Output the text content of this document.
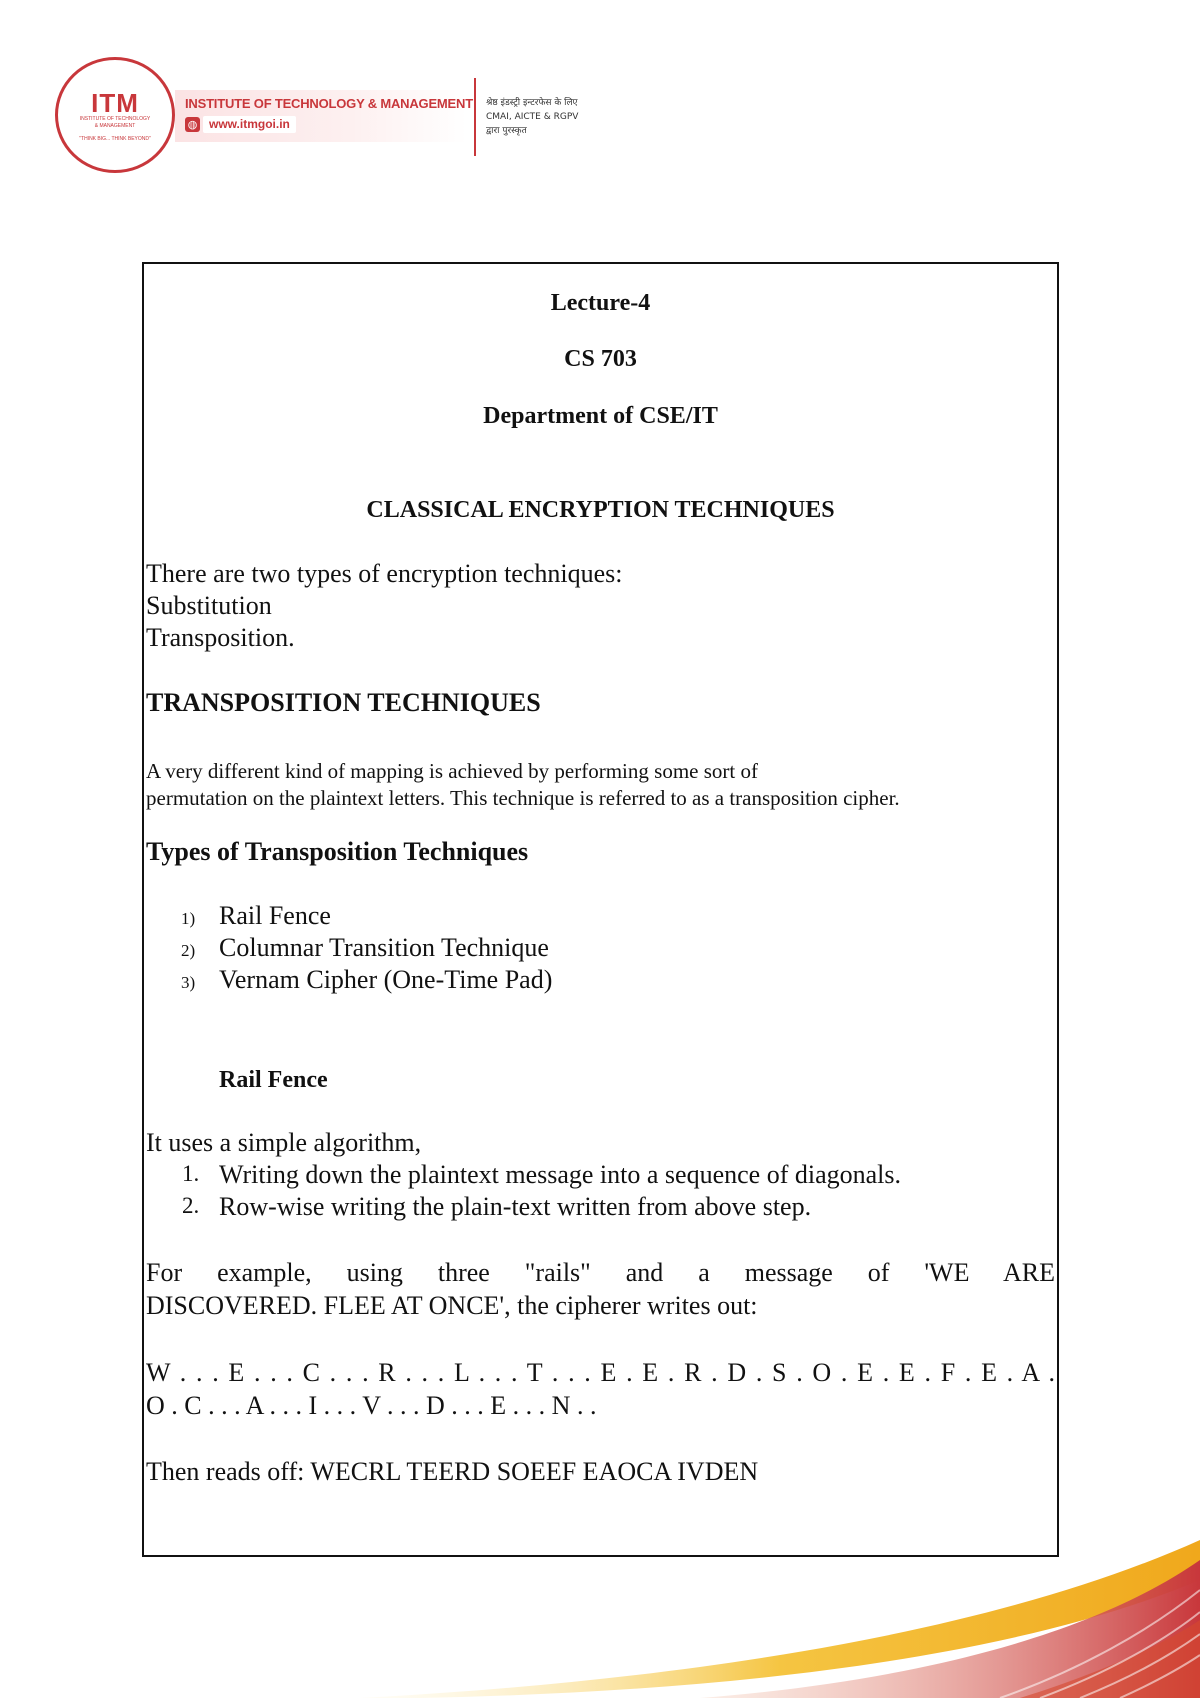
ITM
INSTITUTE OF TECHNOLOGY
& MANAGEMENT
"THINK BIG... THINK BEYOND"
INSTITUTE OF TECHNOLOGY & MANAGEMENT
◍ www.itmgoi.in
श्रेष्ठ इंडस्ट्री इन्टरफेस के लिए
CMAI, AICTE & RGPV
द्वारा पुरस्कृत
Lecture-4
CS 703
Department of CSE/IT
CLASSICAL ENCRYPTION TECHNIQUES
There are two types of encryption techniques:
Substitution
Transposition.
TRANSPOSITION TECHNIQUES
A very different kind of mapping is achieved by performing some sort of
permutation on the plaintext letters. This technique is referred to as a transposition cipher.
Types of Transposition Techniques
1) Rail Fence
2) Columnar Transition Technique
3) Vernam Cipher (One-Time Pad)
Rail Fence
It uses a simple algorithm,
1. Writing down the plaintext message into a sequence of diagonals.
2. Row-wise writing the plain-text written from above step.
For example, using three "rails" and a message of 'WE ARE
DISCOVERED. FLEE AT ONCE', the cipherer writes out:
W . . . E . . . C . . . R . . . L . . . T . . . E . E . R . D . S . O . E . E . F . E . A .
O . C . . . A . . . I . . . V . . . D . . . E . . . N . .
Then reads off: WECRL TEERD SOEEF EAOCA IVDEN
